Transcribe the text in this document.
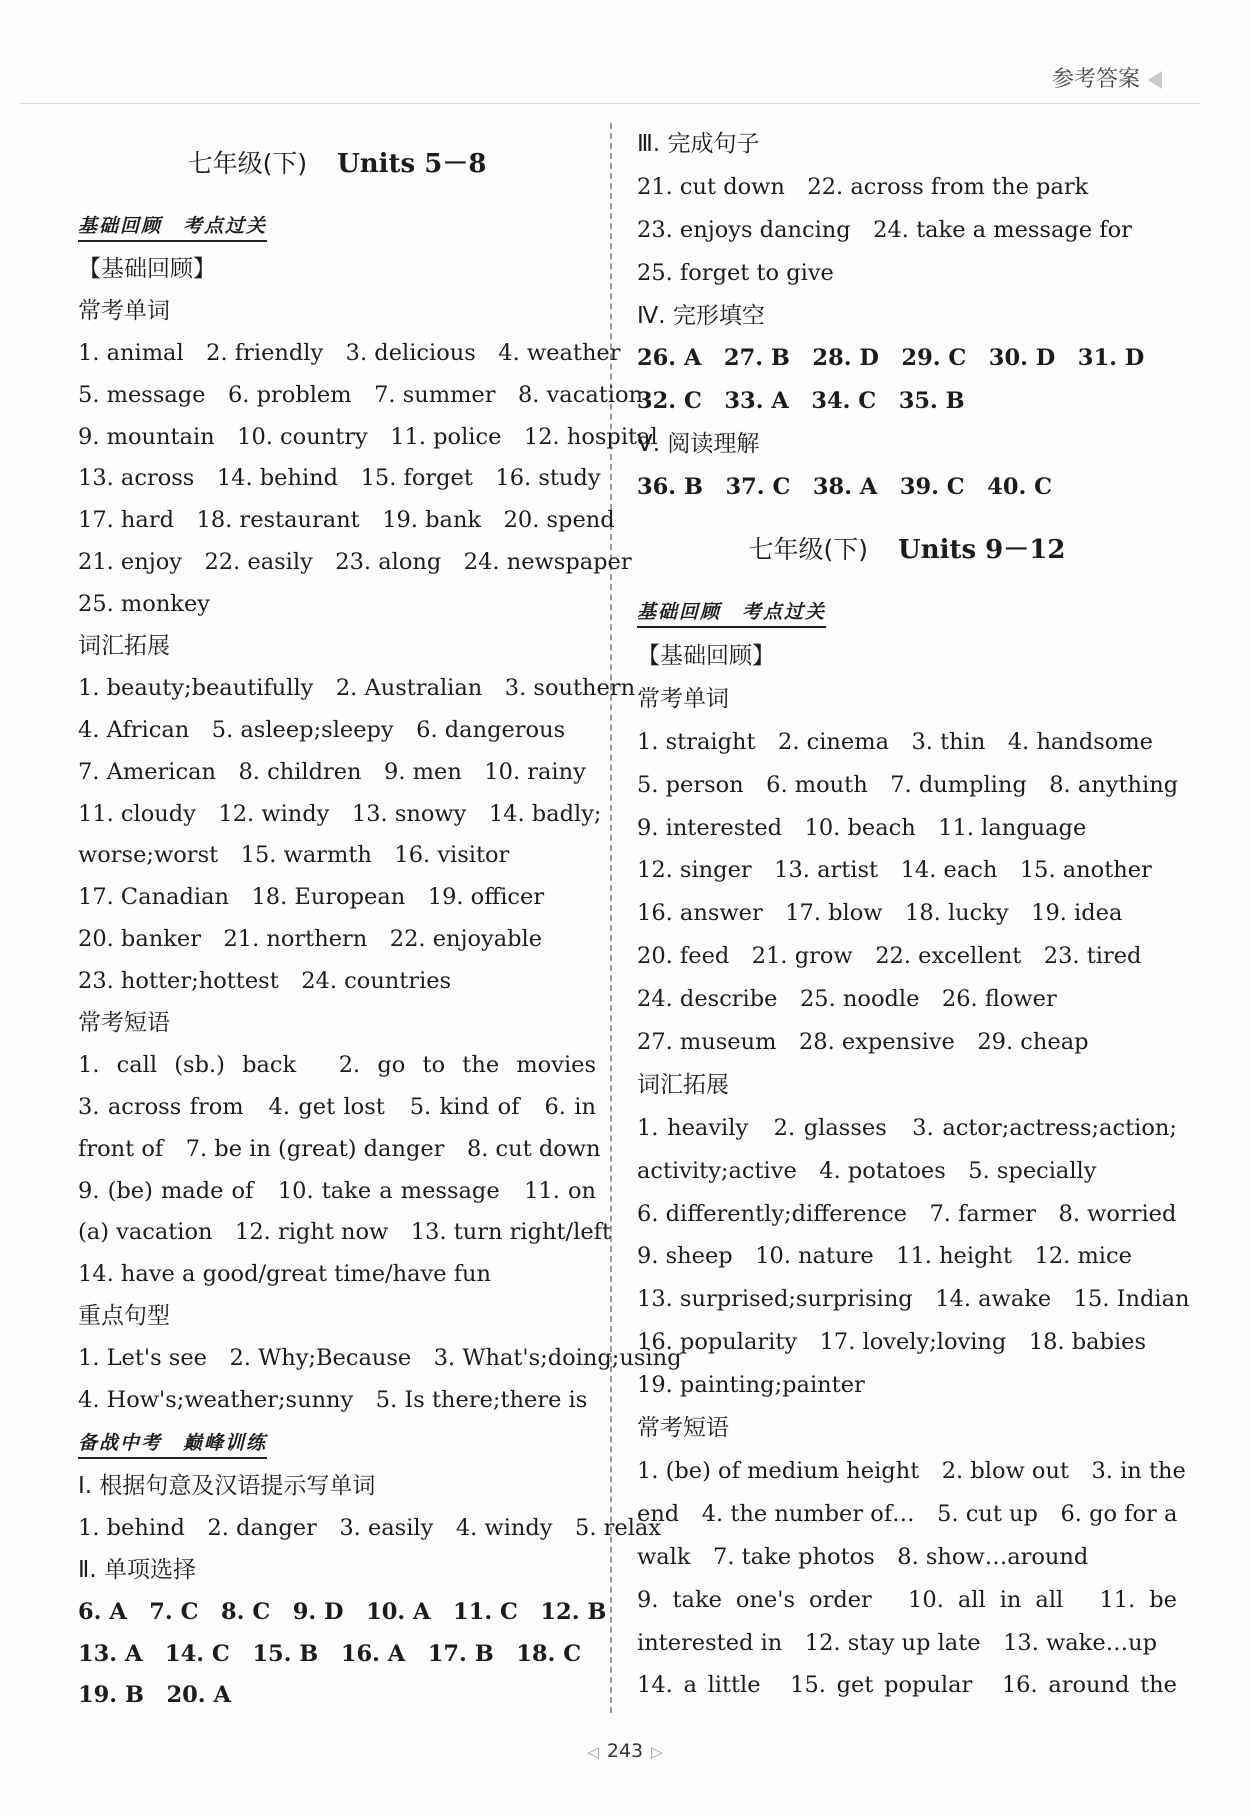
参考答案
七年级(下) Units 5－8
基础回顾　考点过关
【基础回顾】
常考单词
1. animal　2. friendly　3. delicious　4. weather
5. message　6. problem　7. summer　8. vacation
9. mountain　10. country　11. police　12. hospital
13. across　14. behind　15. forget　16. study
17. hard　18. restaurant　19. bank　20. spend
21. enjoy　22. easily　23. along　24. newspaper
25. monkey
词汇拓展
1. beauty;beautifully　2. Australian　3. southern
4. African　5. asleep;sleepy　6. dangerous
7. American　8. children　9. men　10. rainy
11. cloudy　12. windy　13. snowy　14. badly;
worse;worst　15. warmth　16. visitor
17. Canadian　18. European　19. officer
20. banker　21. northern　22. enjoyable
23. hotter;hottest　24. countries
常考短语
1. call (sb.) back　2. go to the movies
3. across from　4. get lost　5. kind of　6. in
front of　7. be in (great) danger　8. cut down
9. (be) made of　10. take a message　11. on
(a) vacation　12. right now　13. turn right/left
14. have a good/great time/have fun
重点句型
1. Let's see　2. Why;Because　3. What's;doing;using
4. How's;weather;sunny　5. Is there;there is
备战中考　巅峰训练
Ⅰ. 根据句意及汉语提示写单词
1. behind　2. danger　3. easily　4. windy　5. relax
Ⅱ. 单项选择
6. A　7. C　8. C　9. D　10. A　11. C　12. B
13. A　14. C　15. B　16. A　17. B　18. C
19. B　20. A
Ⅲ. 完成句子
21. cut down　22. across from the park
23. enjoys dancing　24. take a message for
25. forget to give
Ⅳ. 完形填空
26. A　27. B　28. D　29. C　30. D　31. D
32. C　33. A　34. C　35. B
Ⅴ. 阅读理解
36. B　37. C　38. A　39. C　40. C
七年级(下) Units 9－12
基础回顾　考点过关
【基础回顾】
常考单词
1. straight　2. cinema　3. thin　4. handsome
5. person　6. mouth　7. dumpling　8. anything
9. interested　10. beach　11. language
12. singer　13. artist　14. each　15. another
16. answer　17. blow　18. lucky　19. idea
20. feed　21. grow　22. excellent　23. tired
24. describe　25. noodle　26. flower
27. museum　28. expensive　29. cheap
词汇拓展
1. heavily　2. glasses　3. actor;actress;action;
activity;active　4. potatoes　5. specially
6. differently;difference　7. farmer　8. worried
9. sheep　10. nature　11. height　12. mice
13. surprised;surprising　14. awake　15. Indian
16. popularity　17. lovely;loving　18. babies
19. painting;painter
常考短语
1. (be) of medium height　2. blow out　3. in the
end　4. the number of…　5. cut up　6. go for a
walk　7. take photos　8. show…around
9. take one's order　10. all in all　11. be
interested in　12. stay up late　13. wake…up
14. a little　15. get popular　16. around the
◁ 243 ▷
